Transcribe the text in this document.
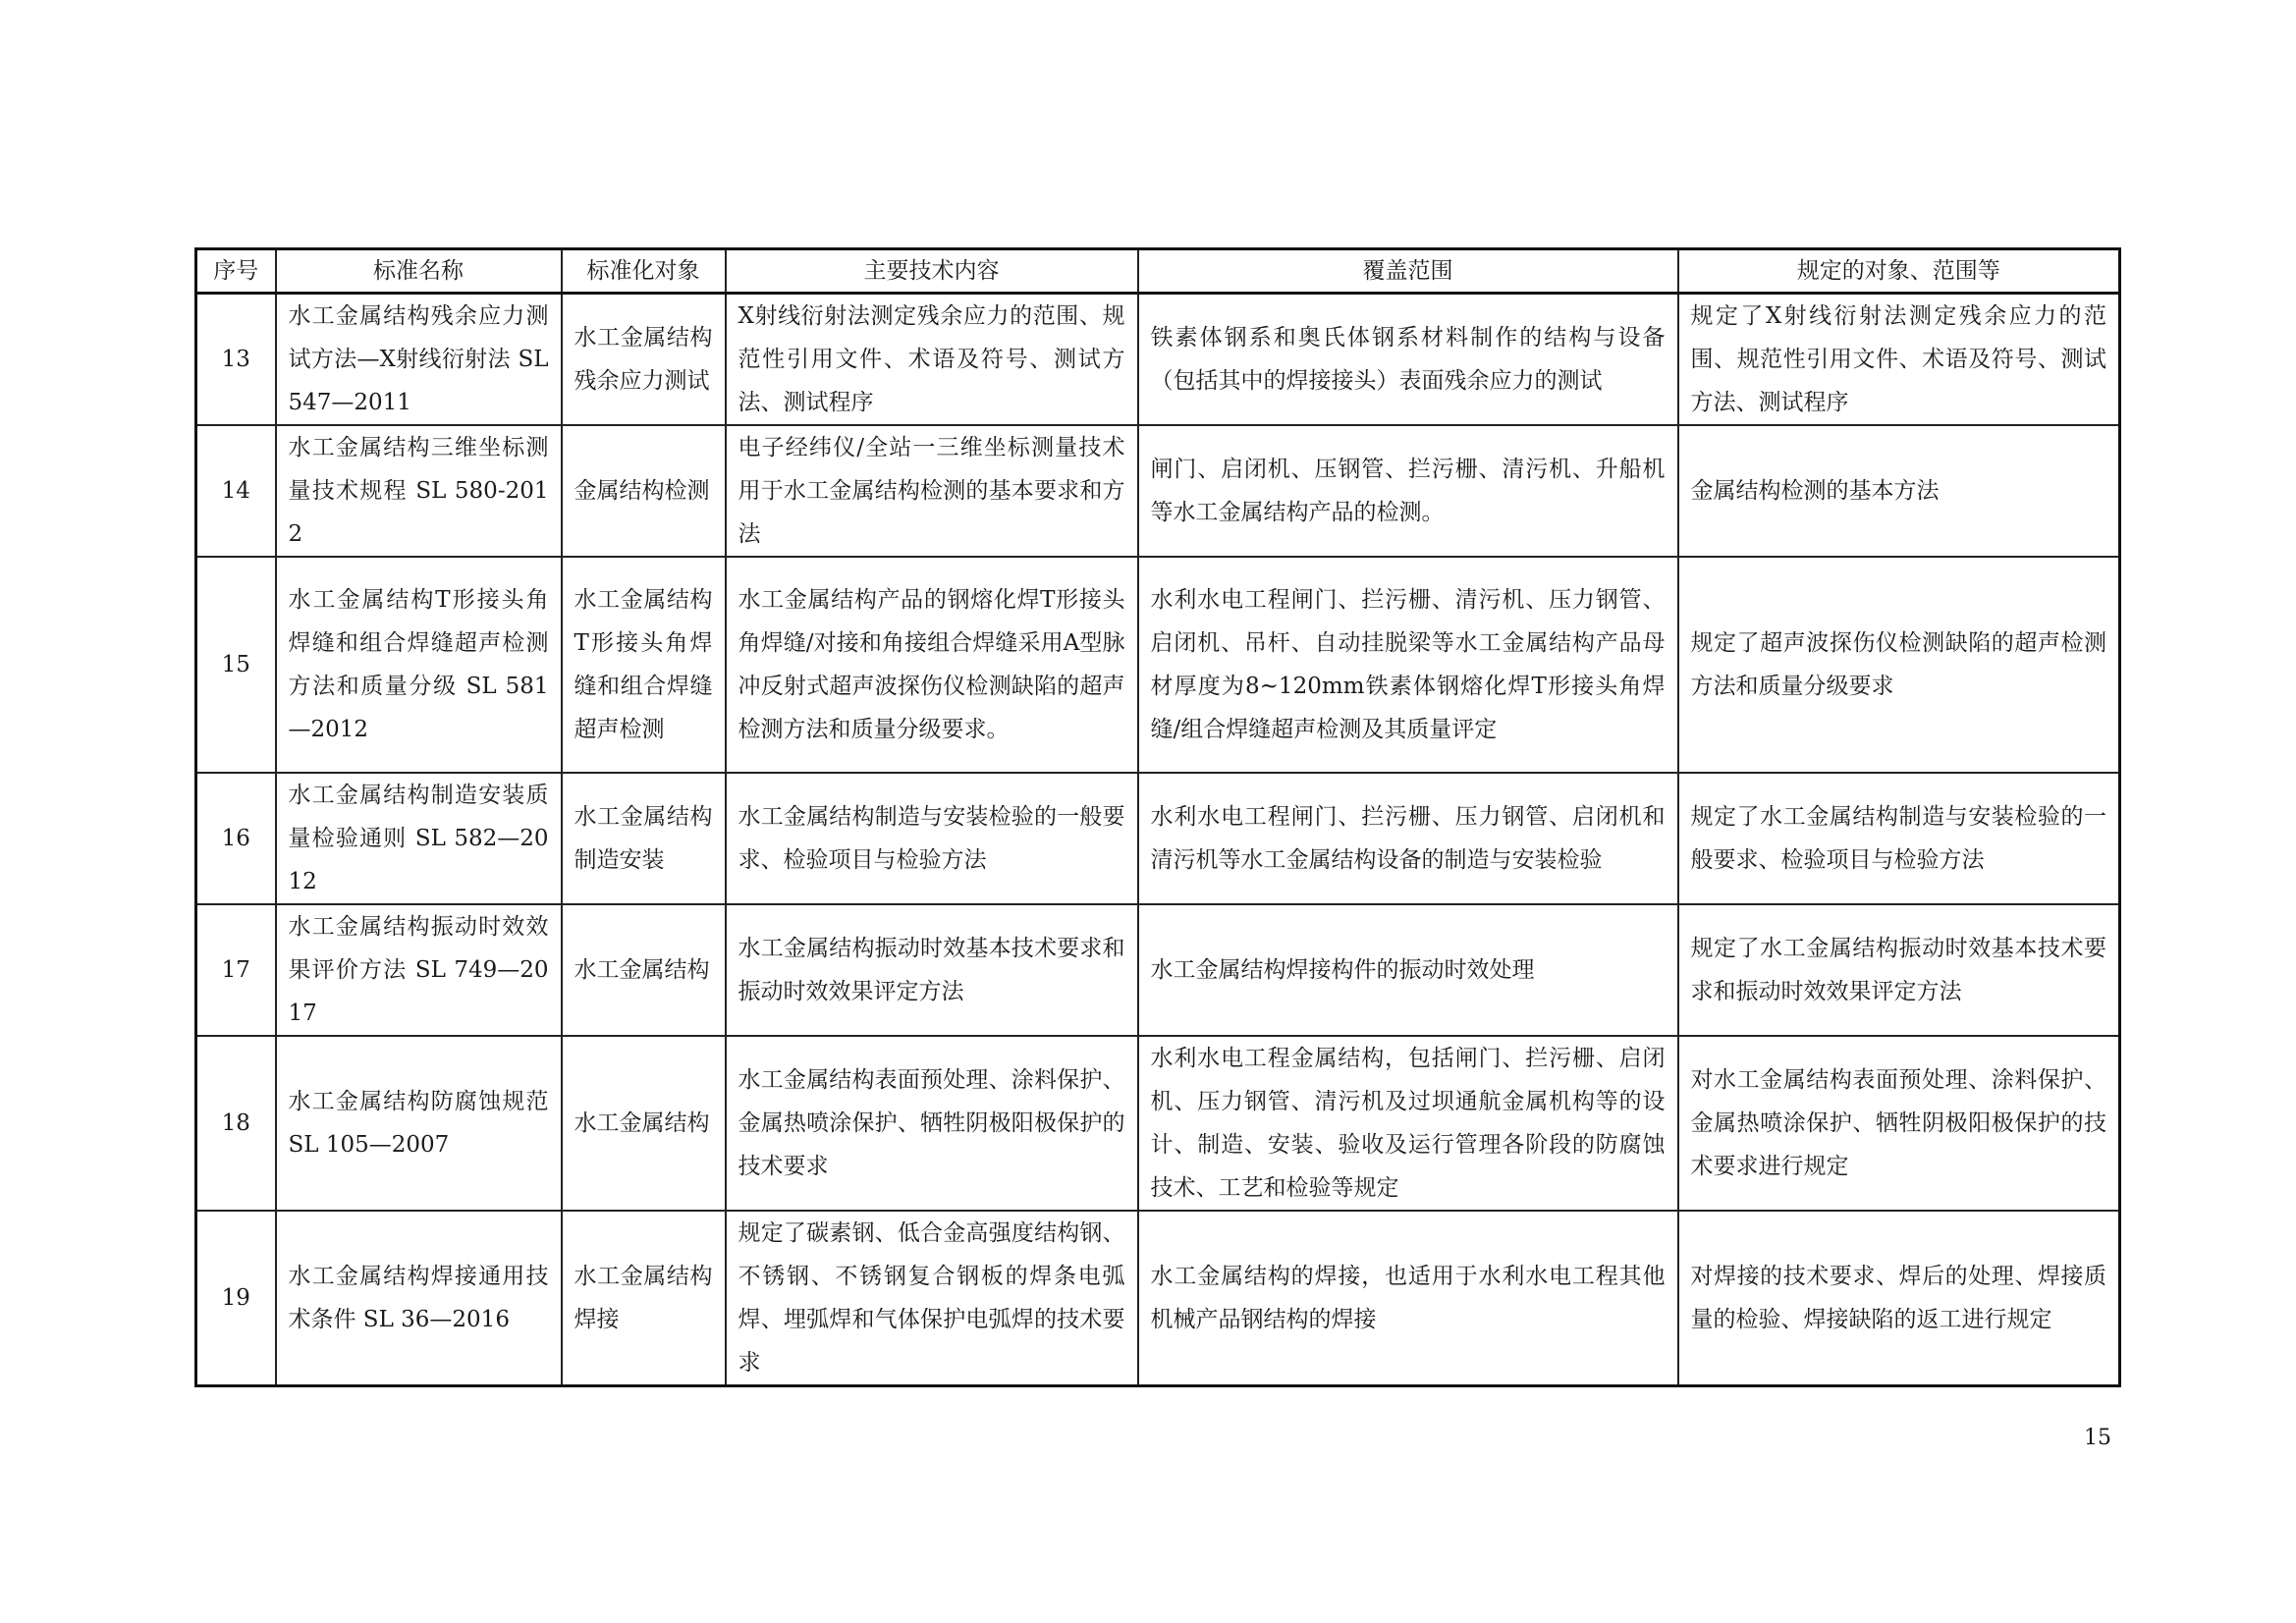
序号	标准名称	标准化对象	主要技术内容	覆盖范围	规定的对象、范围等
13	水工金属结构残余应力测试方法—X射线衍射法 SL 547—2011	水工金属结构残余应力测试	X射线衍射法测定残余应力的范围、规范性引用文件、术语及符号、测试方法、测试程序	铁素体钢系和奥氏体钢系材料制作的结构与设备（包括其中的焊接接头）表面残余应力的测试	规定了X射线衍射法测定残余应力的范围、规范性引用文件、术语及符号、测试方法、测试程序
14	水工金属结构三维坐标测量技术规程 SL 580-2012	金属结构检测	电子经纬仪/全站一三维坐标测量技术用于水工金属结构检测的基本要求和方法	闸门、启闭机、压钢管、拦污栅、清污机、升船机等水工金属结构产品的检测。	金属结构检测的基本方法
15	水工金属结构T形接头角焊缝和组合焊缝超声检测方法和质量分级 SL 581—2012	水工金属结构T形接头角焊缝和组合焊缝超声检测	水工金属结构产品的钢熔化焊T形接头角焊缝/对接和角接组合焊缝采用A型脉冲反射式超声波探伤仪检测缺陷的超声检测方法和质量分级要求。	水利水电工程闸门、拦污栅、清污机、压力钢管、启闭机、吊杆、自动挂脱梁等水工金属结构产品母材厚度为8~120mm铁素体钢熔化焊T形接头角焊缝/组合焊缝超声检测及其质量评定	规定了超声波探伤仪检测缺陷的超声检测方法和质量分级要求
16	水工金属结构制造安装质量检验通则 SL 582—2012	水工金属结构制造安装	水工金属结构制造与安装检验的一般要求、检验项目与检验方法	水利水电工程闸门、拦污栅、压力钢管、启闭机和清污机等水工金属结构设备的制造与安装检验	规定了水工金属结构制造与安装检验的一般要求、检验项目与检验方法
17	水工金属结构振动时效效果评价方法 SL 749—2017	水工金属结构	水工金属结构振动时效基本技术要求和振动时效效果评定方法	水工金属结构焊接构件的振动时效处理	规定了水工金属结构振动时效基本技术要求和振动时效效果评定方法
18	水工金属结构防腐蚀规范 SL 105—2007	水工金属结构	水工金属结构表面预处理、涂料保护、金属热喷涂保护、牺牲阴极阳极保护的技术要求	水利水电工程金属结构，包括闸门、拦污栅、启闭机、压力钢管、清污机及过坝通航金属机构等的设计、制造、安装、验收及运行管理各阶段的防腐蚀技术、工艺和检验等规定	对水工金属结构表面预处理、涂料保护、金属热喷涂保护、牺牲阴极阳极保护的技术要求进行规定
19	水工金属结构焊接通用技术条件 SL 36—2016	水工金属结构焊接	规定了碳素钢、低合金高强度结构钢、不锈钢、不锈钢复合钢板的焊条电弧焊、埋弧焊和气体保护电弧焊的技术要求	水工金属结构的焊接，也适用于水利水电工程其他机械产品钢结构的焊接	对焊接的技术要求、焊后的处理、焊接质量的检验、焊接缺陷的返工进行规定
15
